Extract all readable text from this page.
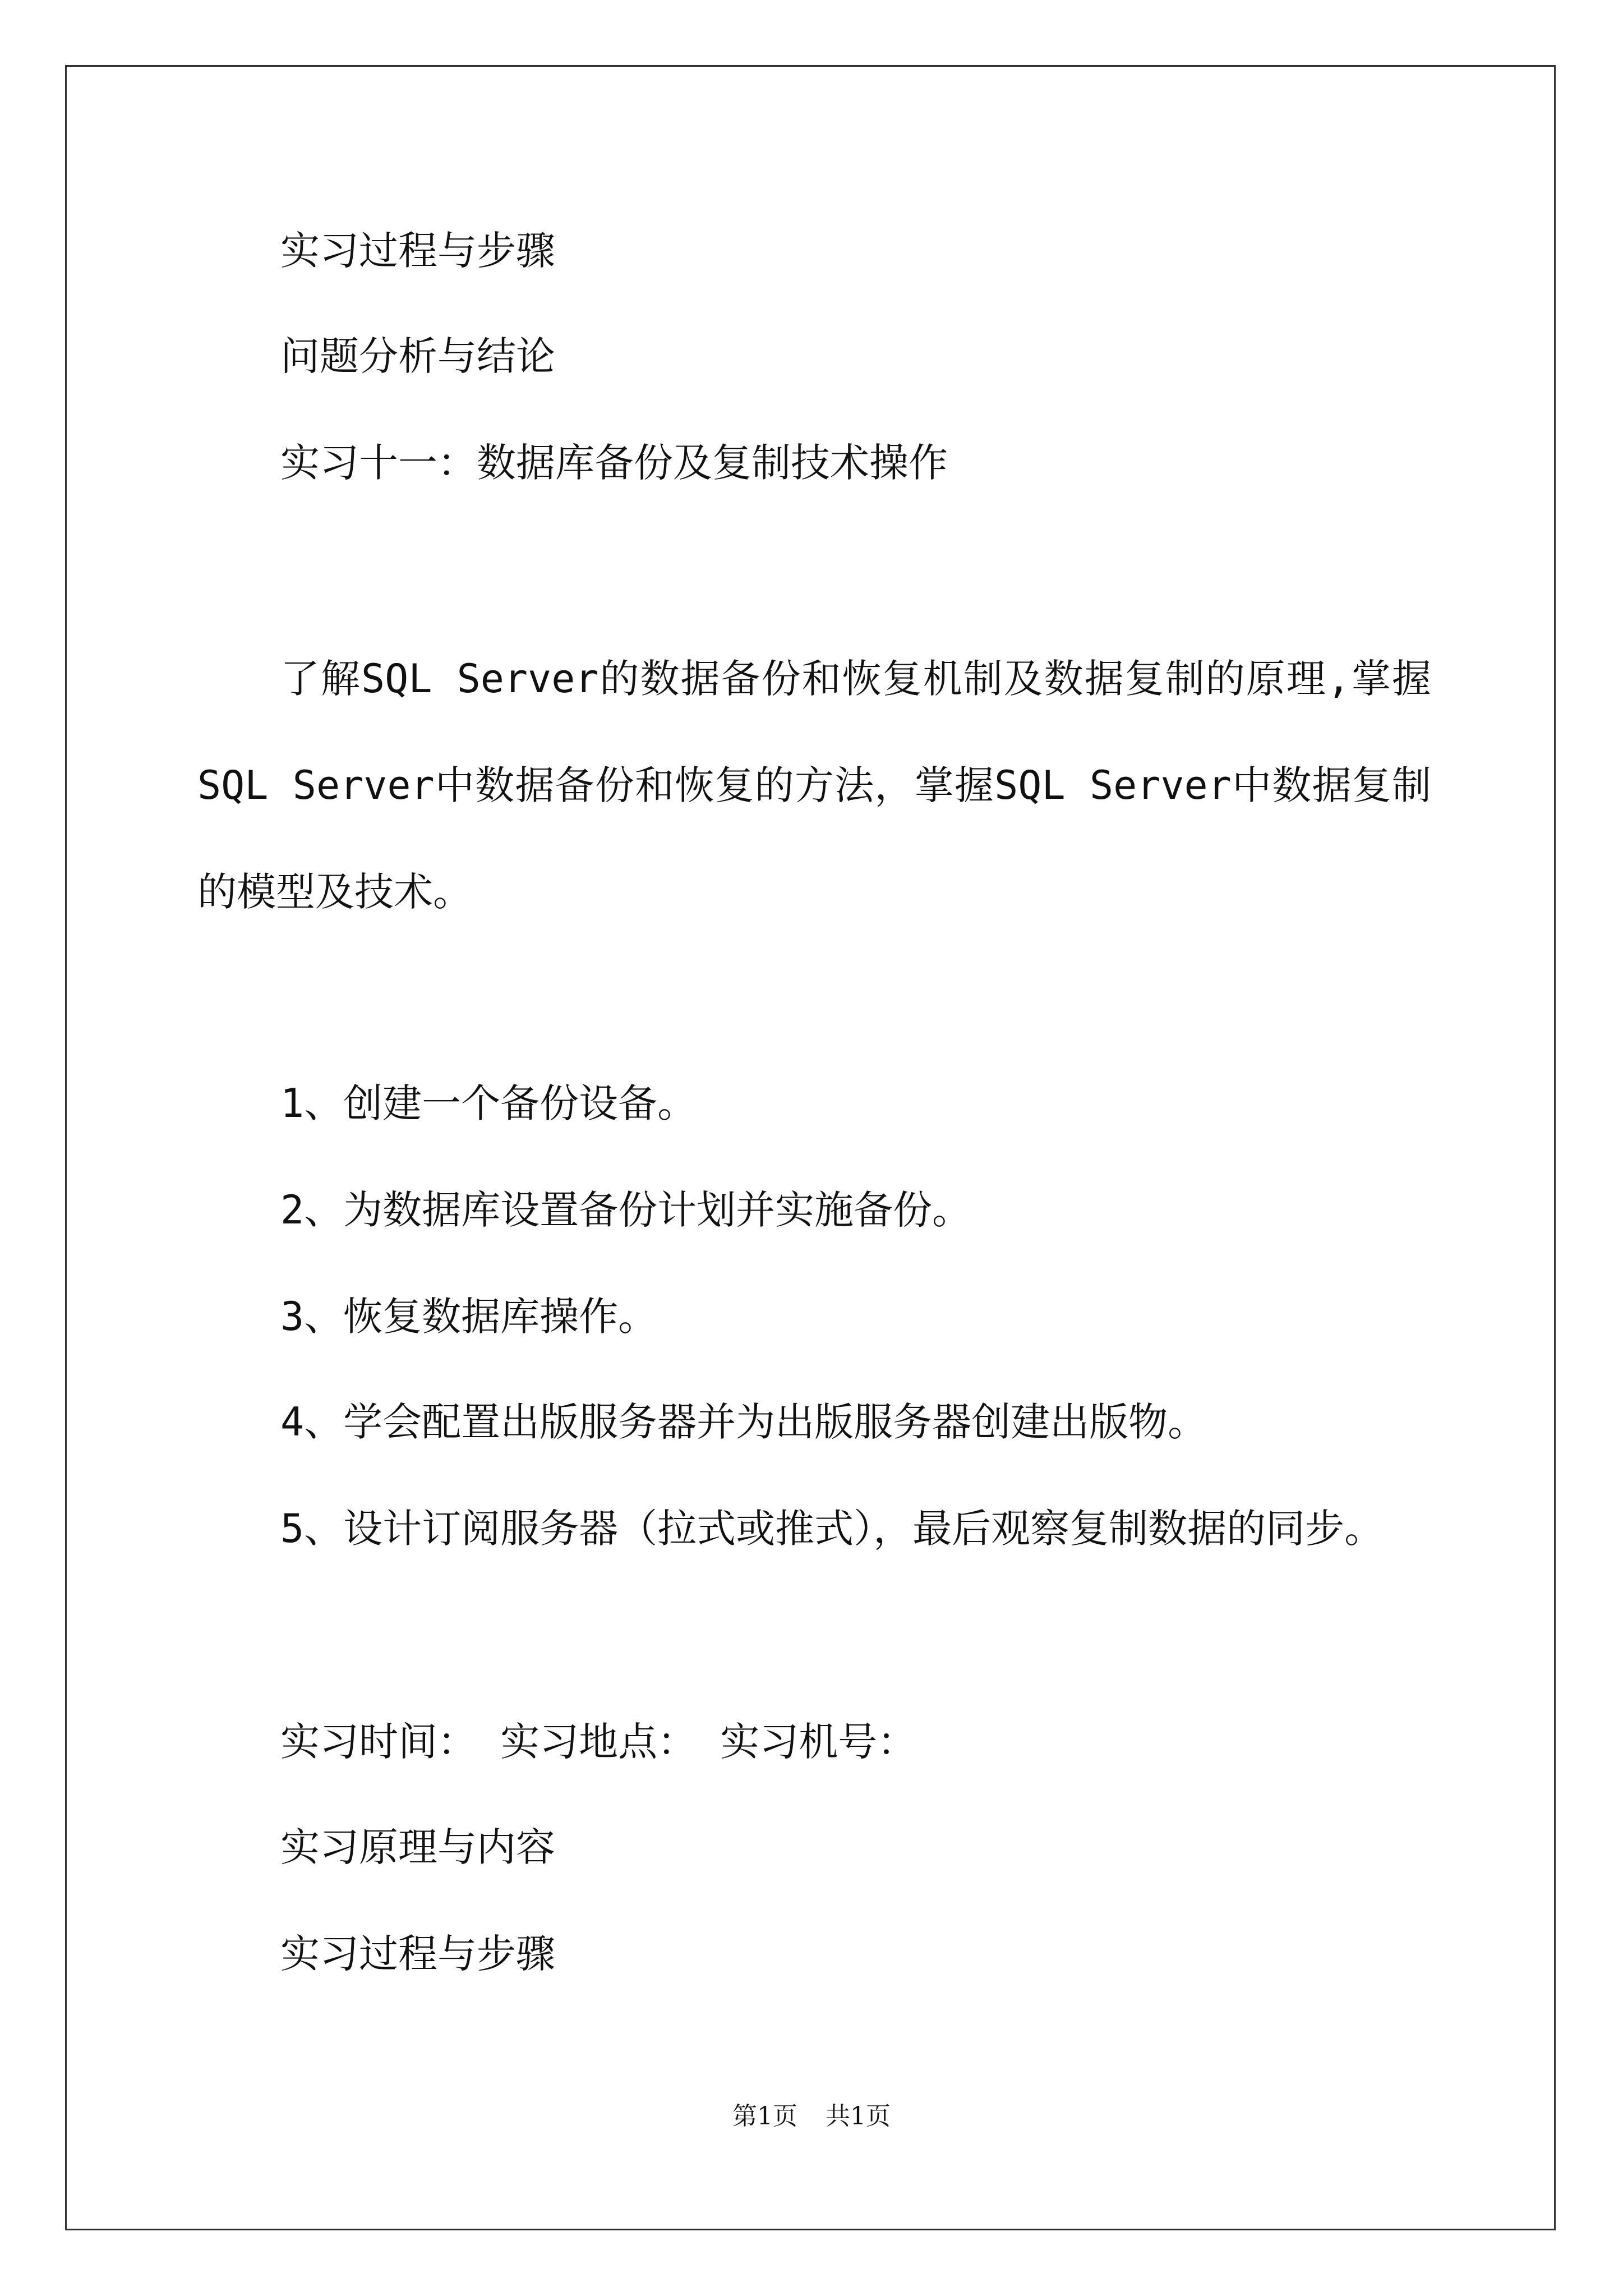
实习过程与步骤
问题分析与结论
实习十一：数据库备份及复制技术操作
了解SQL Server的数据备份和恢复机制及数据复制的原理,掌握SQL Server中数据备份和恢复的方法，掌握SQL Server中数据复制的模型及技术。
1、创建一个备份设备。
2、为数据库设置备份计划并实施备份。
3、恢复数据库操作。
4、学会配置出版服务器并为出版服务器创建出版物。
5、设计订阅服务器（拉式或推式），最后观察复制数据的同步。
实习时间： 实习地点： 实习机号：
实习原理与内容
实习过程与步骤
第1页 共1页
